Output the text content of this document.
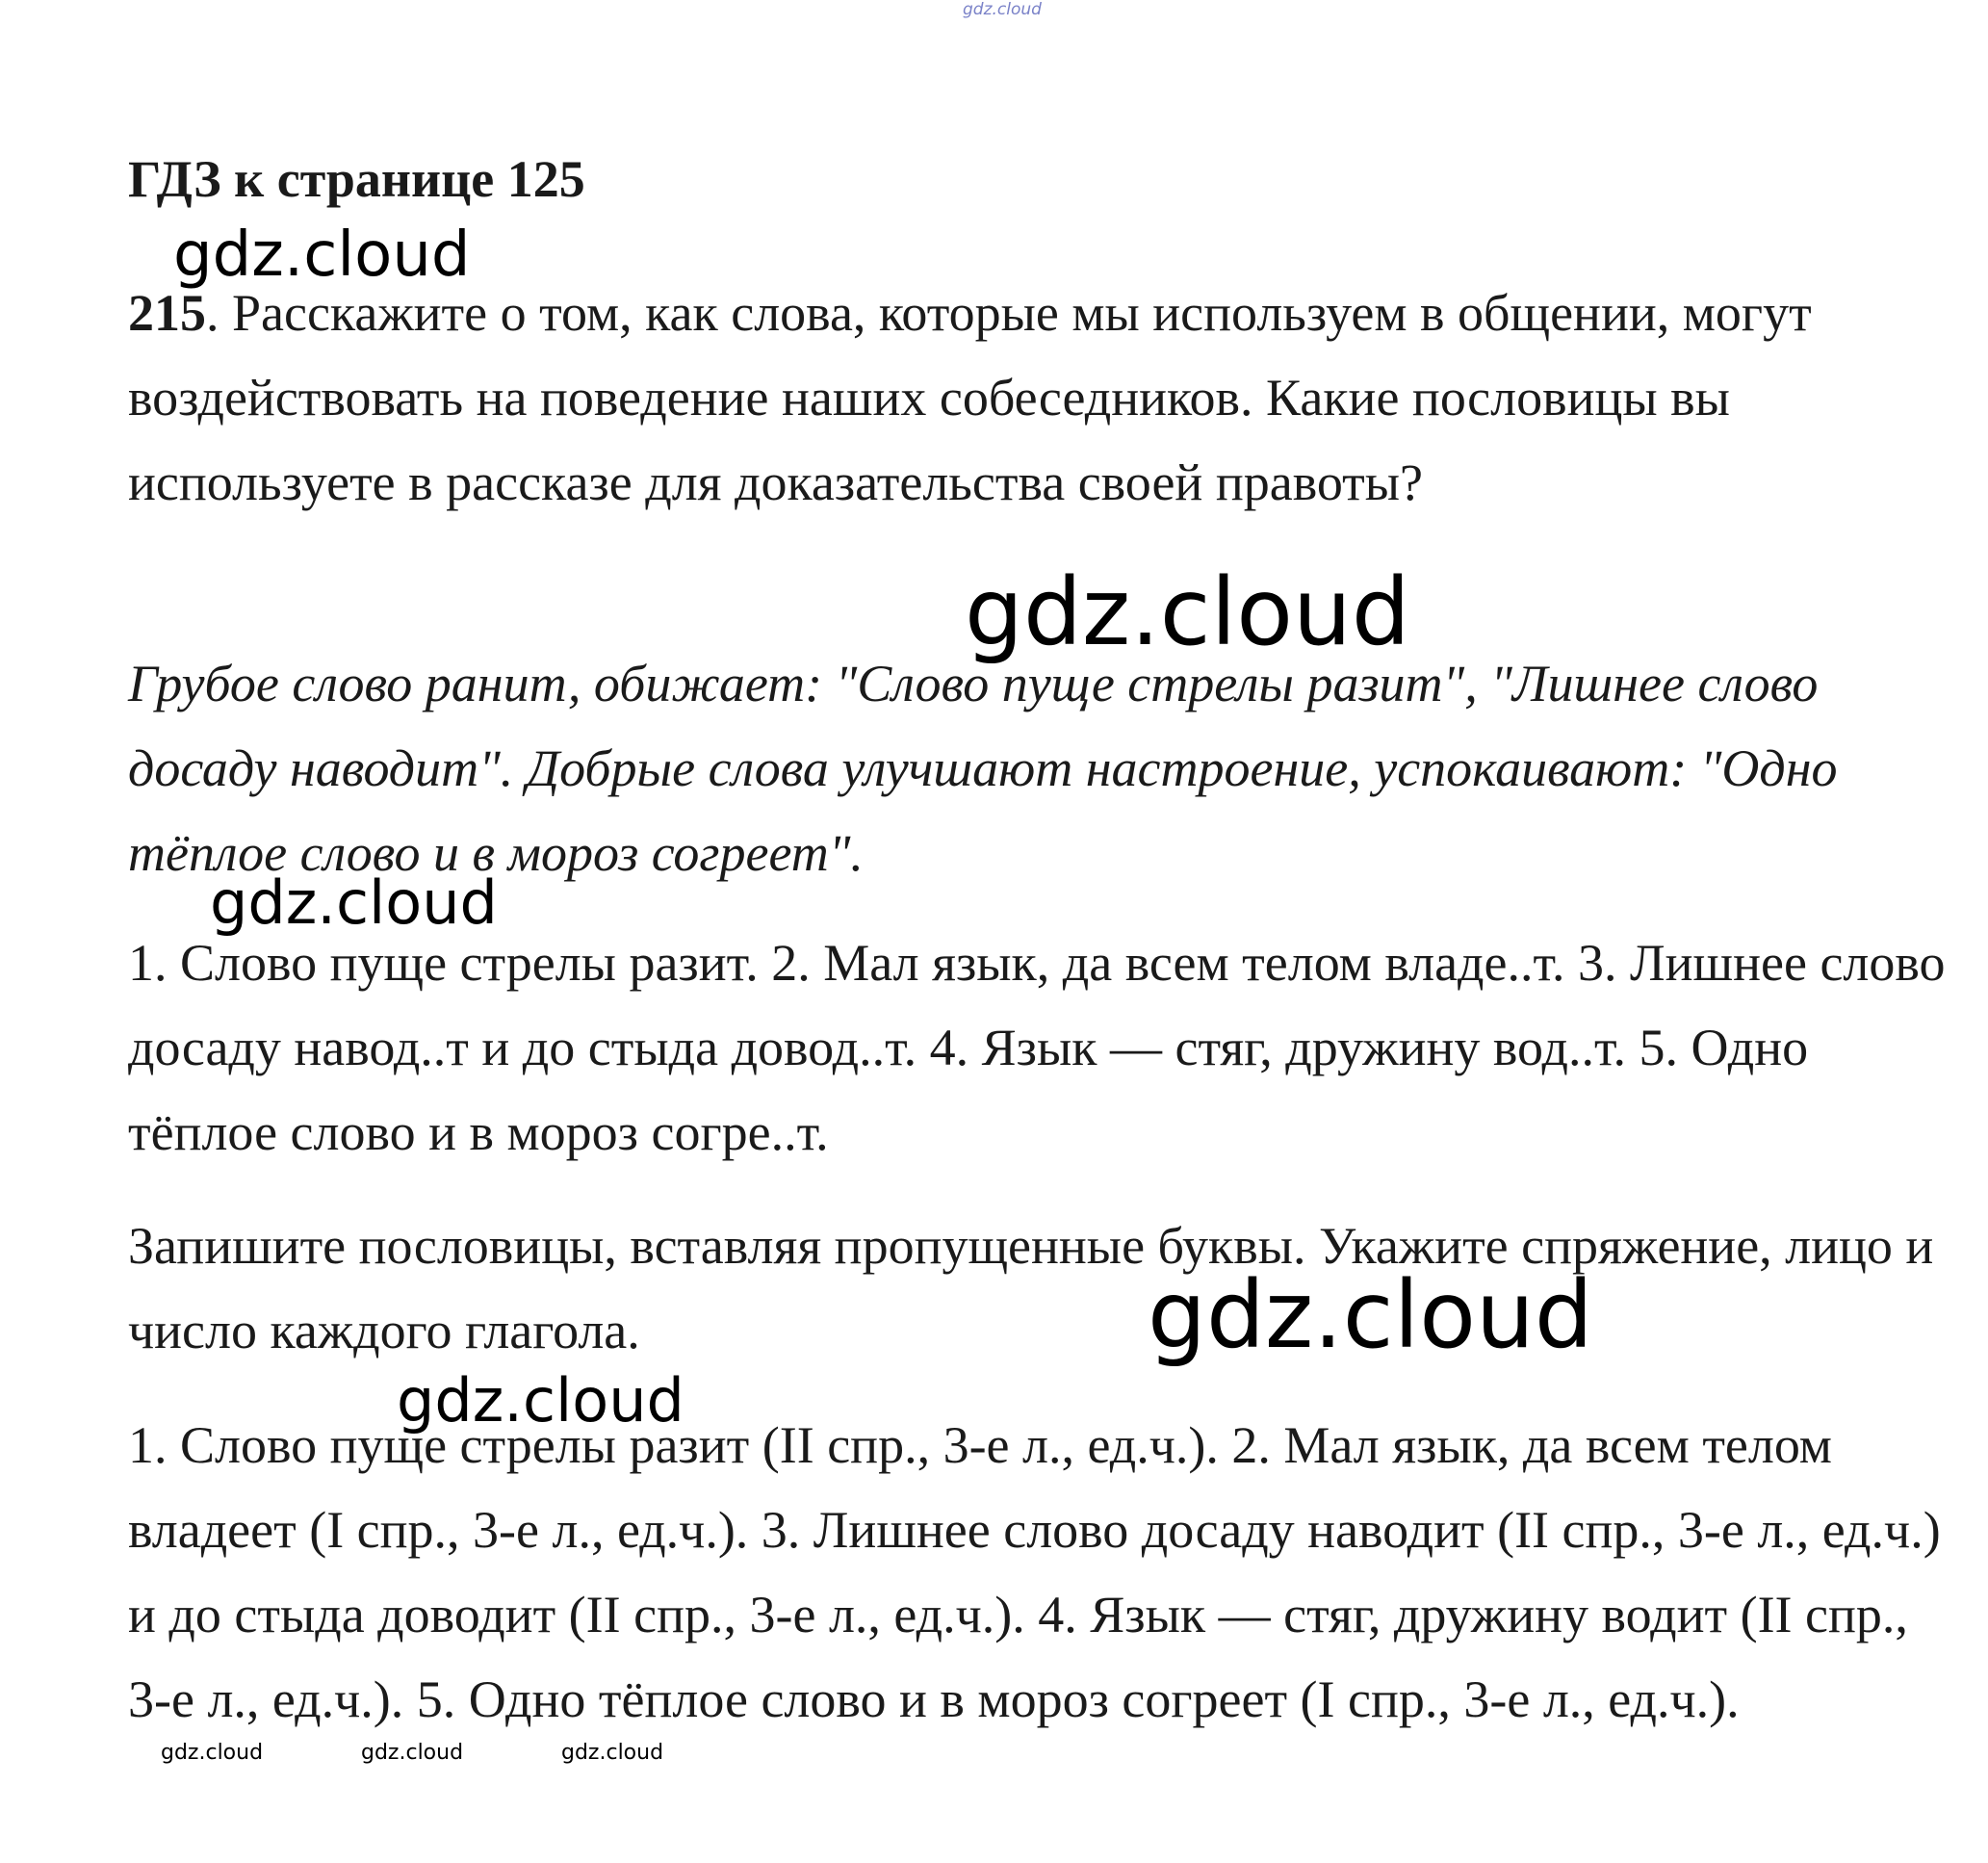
gdz.cloud
ГДЗ к странице 125
gdz.cloud

215. Расскажите о том, как слова, которые мы используем в общении, могут воздействовать на поведение наших собеседников. Какие пословицы вы используете в рассказе для доказательства своей правоты?

gdz.cloud

Грубое слово ранит, обижает: "Слово пуще стрелы разит", "Лишнее слово досаду наводит". Добрые слова улучшают настроение, успокаивают: "Одно тёплое слово и в мороз согреет".

gdz.cloud

1. Слово пуще стрелы разит. 2. Мал язык, да всем телом владе..т. 3. Лишнее слово досаду навод..т и до стыда довод..т. 4. Язык — стяг, дружину вод..т. 5. Одно тёплое слово и в мороз согре..т.

Запишите пословицы, вставляя пропущенные буквы. Укажите спряжение, лицо и число каждого глагола.	gdz.cloud
gdz.cloud

1. Слово пуще стрелы разит (II спр., 3-е л., ед.ч.). 2. Мал язык, да всем телом владеет (I спр., 3-е л., ед.ч.). 3. Лишнее слово досаду наводит (II спр., 3-е л., ед.ч.) и до стыда доводит (II спр., 3-е л., ед.ч.). 4. Язык — стяг, дружину водит (II спр., 3-е л., ед.ч.). 5. Одно тёплое слово и в мороз согреет (I спр., 3-е л., ед.ч.).

gdz.cloud	gdz.cloud	gdz.cloud
